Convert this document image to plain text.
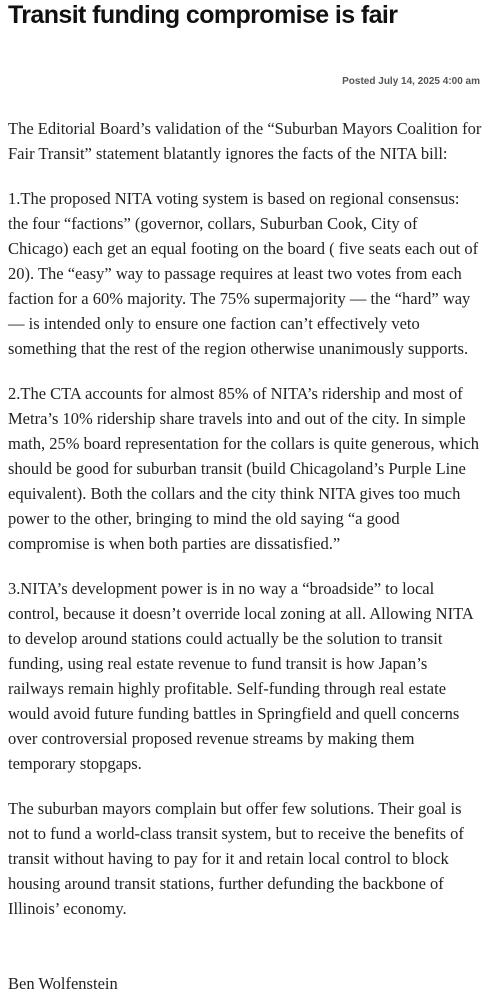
Transit funding compromise is fair
Posted July 14, 2025 4:00 am

The Editorial Board’s validation of the “Suburban Mayors Coalition for Fair Transit” statement blatantly ignores the facts of the NITA bill:

1.The proposed NITA voting system is based on regional consensus: the four “factions” (governor, collars, Suburban Cook, City of Chicago) each get an equal footing on the board ( five seats each out of 20). The “easy” way to passage requires at least two votes from each faction for a 60% majority. The 75% supermajority — the “hard” way — is intended only to ensure one faction can’t effectively veto something that the rest of the region otherwise unanimously supports.

2.The CTA accounts for almost 85% of NITA’s ridership and most of Metra’s 10% ridership share travels into and out of the city. In simple math, 25% board representation for the collars is quite generous, which should be good for suburban transit (build Chicagoland’s Purple Line equivalent). Both the collars and the city think NITA gives too much power to the other, bringing to mind the old saying “a good compromise is when both parties are dissatisfied.”

3.NITA’s development power is in no way a “broadside” to local control, because it doesn’t override local zoning at all. Allowing NITA to develop around stations could actually be the solution to transit funding, using real estate revenue to fund transit is how Japan’s railways remain highly profitable. Self-funding through real estate would avoid future funding battles in Springfield and quell concerns over controversial proposed revenue streams by making them temporary stopgaps.

The suburban mayors complain but offer few solutions. Their goal is not to fund a world-class transit system, but to receive the benefits of transit without having to pay for it and retain local control to block housing around transit stations, further defunding the backbone of Illinois’ economy.

Ben Wolfenstein
